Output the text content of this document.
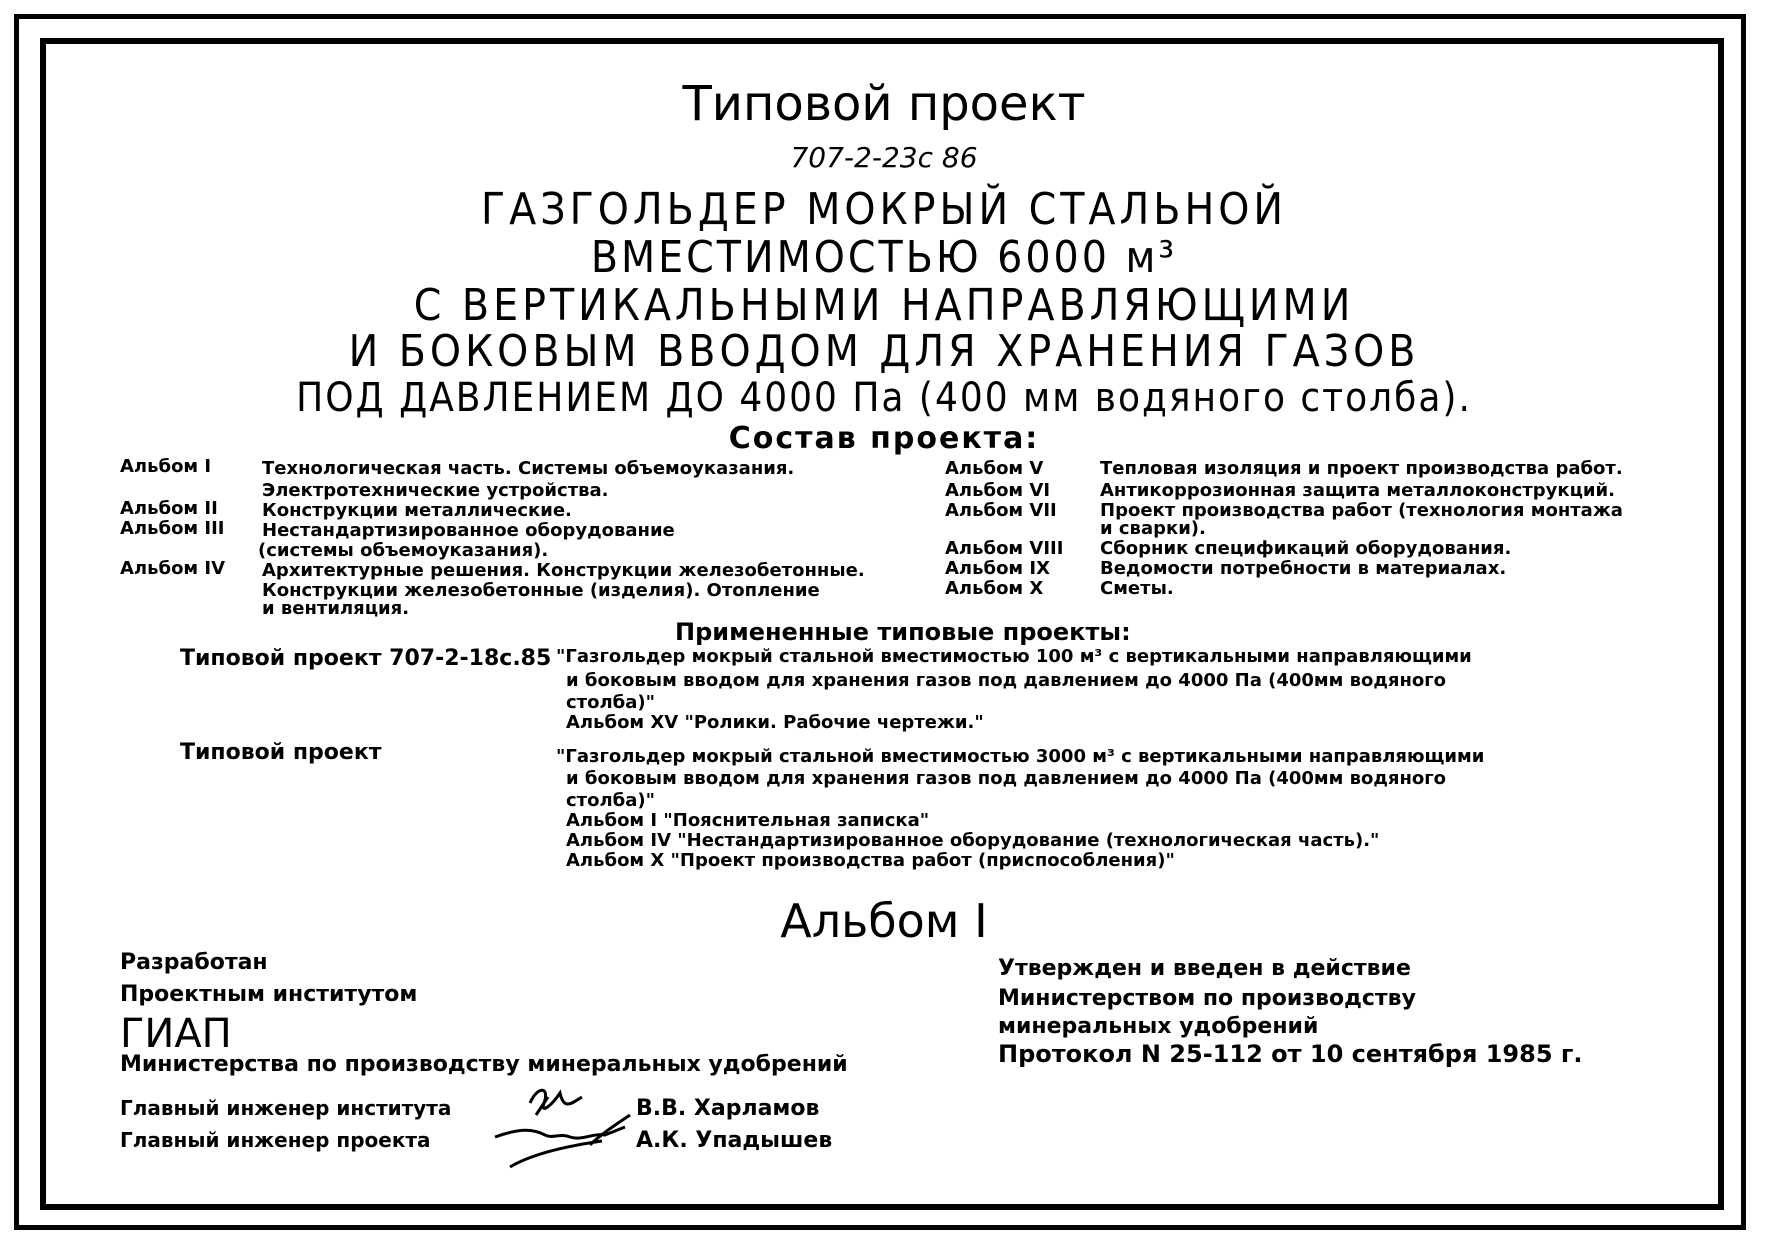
Типовой проект
707-2-23с 86
ГАЗГОЛЬДЕР МОКРЫЙ СТАЛЬНОЙ
ВМЕСТИМОСТЬЮ 6000 м³
С ВЕРТИКАЛЬНЫМИ НАПРАВЛЯЮЩИМИ
И БОКОВЫМ ВВОДОМ ДЛЯ ХРАНЕНИЯ ГАЗОВ
ПОД ДАВЛЕНИЕМ ДО 4000 Па (400 мм водяного столба).
Состав проекта:
Альбом I	Технологическая часть. Системы объемоуказания.
Электротехнические устройства.
Альбом II Конструкции металлические.
Альбом III Нестандартизированное оборудование
(системы объемоуказания).
Альбом IV Архитектурные решения. Конструкции железобетонные.
Конструкции железобетонные (изделия). Отопление
и вентиляция.
Альбом V	Тепловая изоляция и проект производства работ.
Альбом VI	Антикоррозионная защита металлоконструкций.
Альбом VII Проект производства работ (технология монтажа
и сварки).
Альбом VIII Сборник спецификаций оборудования.
Альбом IX	Ведомости потребности в материалах.
Альбом X	Сметы.
Примененные типовые проекты:
Типовой проект 707-2-18с.85 "Газгольдер мокрый стальной вместимостью 100 м³ с вертикальными направляющими
и боковым вводом для хранения газов под давлением до 4000 Па (400мм водяного
столба)"
Альбом XV "Ролики. Рабочие чертежи."
Типовой проект	"Газгольдер мокрый стальной вместимостью 3000 м³ с вертикальными направляющими
и боковым вводом для хранения газов под давлением до 4000 Па (400мм водяного
столба)"
Альбом I "Пояснительная записка"
Альбом IV "Нестандартизированное оборудование (технологическая часть)."
Альбом X "Проект производства работ (приспособления)"
Альбом I
Разработан
Проектным институтом
ГИАП
Министерства по производству минеральных удобрений
Главный инженер института	В.В. Харламов
Главный инженер проекта	А.К. Упадышев
Утвержден и введен в действие
Министерством по производству
минеральных удобрений
Протокол N 25-112 от 10 сентября 1985 г.
